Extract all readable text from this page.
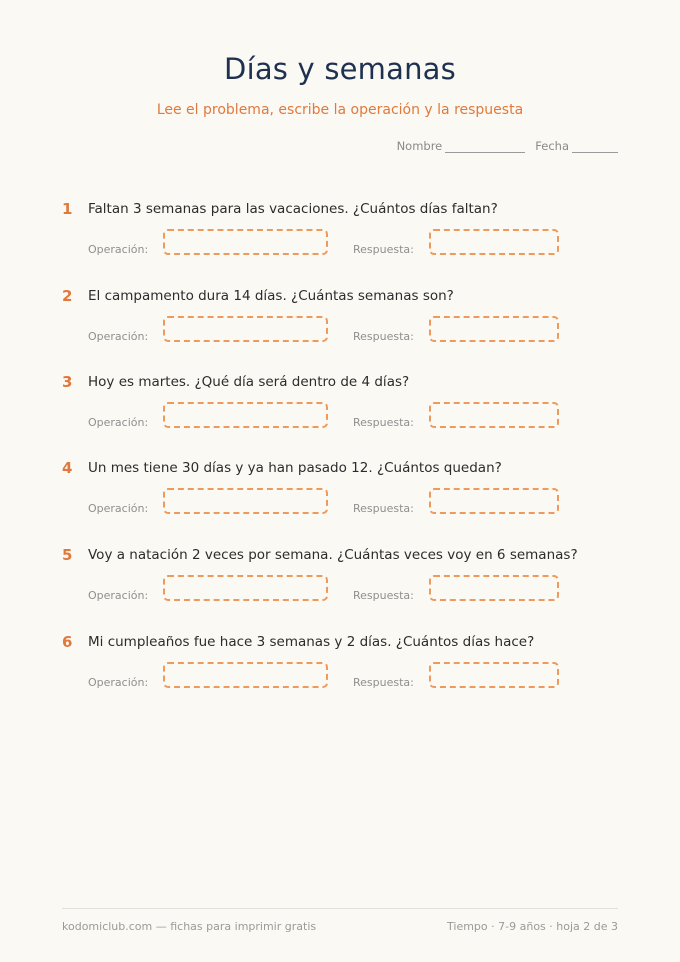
Días y semanas
Lee el problema, escribe la operación y la respuesta
Nombre	Fecha
1 Faltan 3 semanas para las vacaciones. ¿Cuántos días faltan?
Operación:	Respuesta:
2 El campamento dura 14 días. ¿Cuántas semanas son?
Operación:	Respuesta:
3 Hoy es martes. ¿Qué día será dentro de 4 días?
Operación:	Respuesta:
4 Un mes tiene 30 días y ya han pasado 12. ¿Cuántos quedan?
Operación:	Respuesta:
5 Voy a natación 2 veces por semana. ¿Cuántas veces voy en 6 semanas?
Operación:	Respuesta:
6 Mi cumpleaños fue hace 3 semanas y 2 días. ¿Cuántos días hace?
Operación:	Respuesta:
kodomiclub.com — fichas para imprimir gratis	Tiempo · 7-9 años · hoja 2 de 3
